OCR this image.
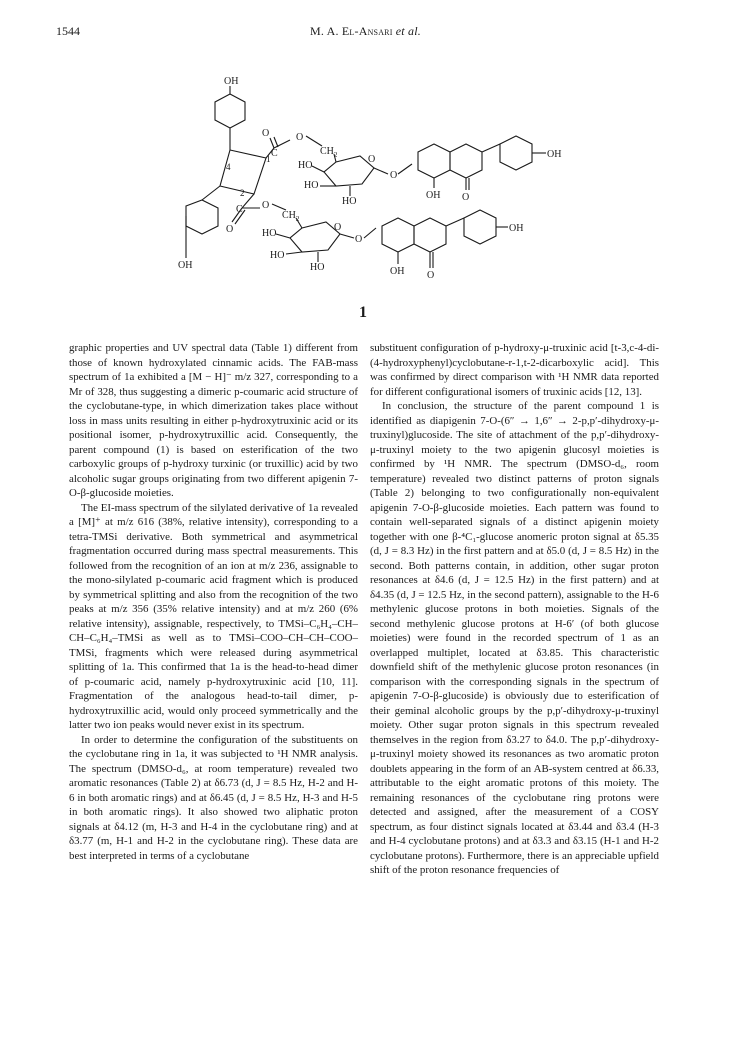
1544	M. A. El-Ansari et al.
OH
O
C
O
$CH_2$
1
4
2
HO
HO
HO
O
O
OH O
OH
O
C O
$CH_2$
HO
HO
HO
O
O
OH O
OH
OH
1

graphic properties and UV spectral data (Table 1) different from those of known hydroxylated cinnamic acids. The FAB-mass spectrum of 1a exhibited a [M − H]⁻ m/z 327, corresponding to a Mr of 328, thus suggesting a dimeric p-coumaric acid structure of the cyclobutane-type, in which dimerization takes place without loss in mass units resulting in either p-hydroxytruxinic acid or its positional isomer, p-hydroxytruxillic acid. Consequently, the parent compound (1) is based on esterification of the two carboxylic groups of p-hydroxy turxinic (or truxillic) acid by two alcoholic sugar groups originating from two different apigenin 7-O-β-glucoside moieties.

The EI-mass spectrum of the silylated derivative of 1a revealed a [M]⁺ at m/z 616 (38%, relative intensity), corresponding to a tetra-TMSi derivative. Both symmetrical and asymmetrical fragmentation occurred during mass spectral measurements. This followed from the recognition of an ion at m/z 236, assignable to the mono-silylated p-coumaric acid fragment which is produced by symmetrical splitting and also from the recognition of the two peaks at m/z 356 (35% relative intensity) and at m/z 260 (6% relative intensity), assignable, respectively, to TMSi–C₆H₄–CH–CH–C₆H₄–TMSi as well as to TMSi–COO–CH–CH–COO–TMSi, fragments which were released during asymmetrical splitting of 1a. This confirmed that 1a is the head-to-head dimer of p-coumaric acid, namely p-hydroxytruxinic acid [10, 11]. Fragmentation of the analogous head-to-tail dimer, p-hydroxytruxillic acid, would only proceed symmetrically and the latter two ion peaks would never exist in its spectrum.

In order to determine the configuration of the substituents on the cyclobutane ring in 1a, it was subjected to ¹H NMR analysis. The spectrum (DMSO-d₆, at room temperature) revealed two aromatic resonances (Table 2) at δ6.73 (d, J = 8.5 Hz, H-2 and H-6 in both aromatic rings) and at δ6.45 (d, J = 8.5 Hz, H-3 and H-5 in both aromatic rings). It also showed two aliphatic proton signals at δ4.12 (m, H-3 and H-4 in the cyclobutane ring) and at δ3.77 (m, H-1 and H-2 in the cyclobutane ring). These data are best interpreted in terms of a cyclobutane

substituent configuration of p-hydroxy-μ-truxinic acid [t-3,c-4-di-(4-hydroxyphenyl)cyclobutane-r-1,t-2-dicarboxylic acid]. This was confirmed by direct comparison with ¹H NMR data reported for different configurational isomers of truxinic acids [12, 13].

In conclusion, the structure of the parent compound 1 is identified as diapigenin 7-O-(6″ → 1,6″ → 2-p,p′-dihydroxy-μ-truxinyl)glucoside. The site of attachment of the p,p′-dihydroxy-μ-truxinyl moiety to the two apigenin glucosyl moieties is confirmed by ¹H NMR. The spectrum (DMSO-d₆, room temperature) revealed two distinct patterns of proton signals (Table 2) belonging to two configurationally non-equivalent apigenin 7-O-β-glucoside moieties. Each pattern was found to contain well-separated signals of a distinct apigenin moiety together with one β-⁴C₁-glucose anomeric proton signal at δ5.35 (d, J = 8.3 Hz) in the first pattern and at δ5.0 (d, J = 8.5 Hz) in the second. Both patterns contain, in addition, other sugar proton resonances at δ4.6 (d, J = 12.5 Hz) in the first pattern) and at δ4.35 (d, J = 12.5 Hz, in the second pattern), assignable to the H-6 methylenic glucose protons in both moieties. Signals of the second methylenic glucose protons at H-6′ (of both glucose moieties) were found in the recorded spectrum of 1 as an overlapped multiplet, located at δ3.85. This characteristic downfield shift of the methylenic glucose proton resonances (in comparison with the corresponding signals in the spectrum of apigenin 7-O-β-glucoside) is obviously due to esterification of their geminal alcoholic groups by the p,p′-dihydroxy-μ-truxinyl moiety. Other sugar proton signals in this spectrum revealed themselves in the region from δ3.27 to δ4.0. The p,p′-dihydroxy-μ-truxinyl moiety showed its resonances as two aromatic proton doublets appearing in the form of an AB-system centred at δ6.33, attributable to the eight aromatic protons of this moiety. The remaining resonances of the cyclobutane ring protons were detected and assigned, after the measurement of a COSY spectrum, as four distinct signals located at δ3.44 and δ3.4 (H-3 and H-4 cyclobutane protons) and at δ3.3 and δ3.15 (H-1 and H-2 cyclobutane protons). Furthermore, there is an appreciable upfield shift of the proton resonance frequencies of
